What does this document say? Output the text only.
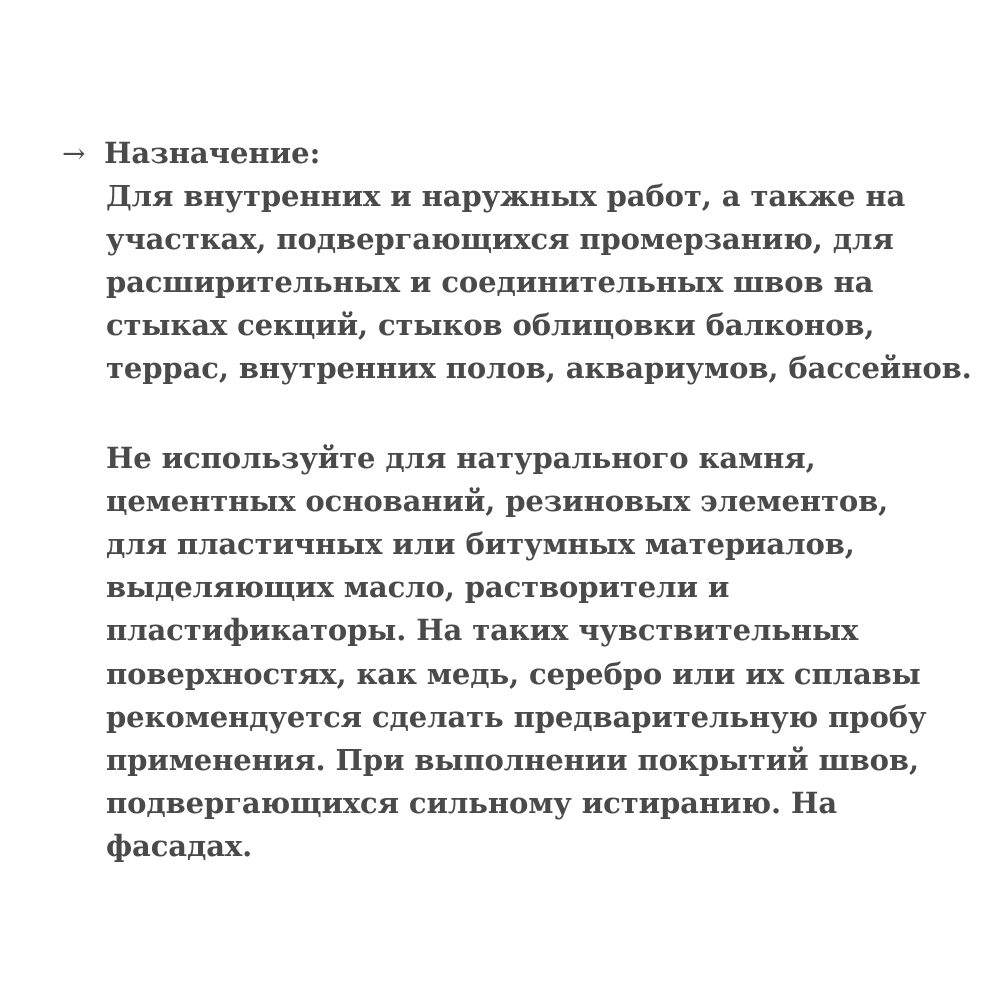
→ Назначение:
Для внутренних и наружных работ, а также на
участках, подвергающихся промерзанию, для
расширительных и соединительных швов на
стыках секций, стыков облицовки балконов,
террас, внутренних полов, аквариумов, бассейнов.
Не используйте для натурального камня,
цементных оснований, резиновых элементов,
для пластичных или битумных материалов,
выделяющих масло, растворители и
пластификаторы. На таких чувствительных
поверхностях, как медь, серебро или их сплавы
рекомендуется сделать предварительную пробу
применения. При выполнении покрытий швов,
подвергающихся сильному истиранию. На
фасадах.
